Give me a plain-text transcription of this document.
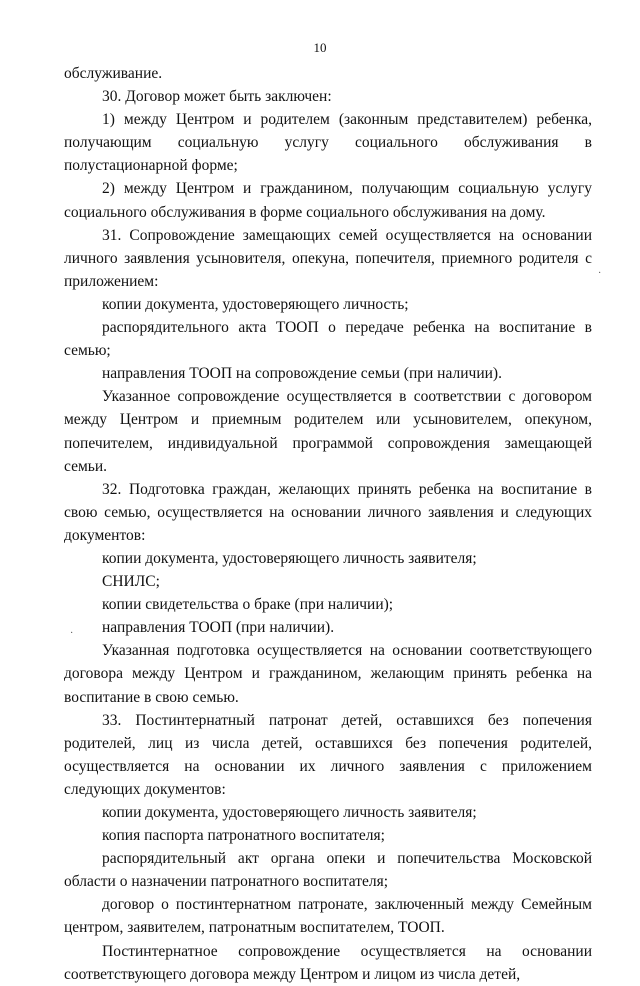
10

обслуживание.

30. Договор может быть заключен:

1) между Центром и родителем (законным представителем) ребенка, получающим социальную услугу социального обслуживания в полустационарной форме;

2) между Центром и гражданином, получающим социальную услугу социального обслуживания в форме социального обслуживания на дому.

31. Сопровождение замещающих семей осуществляется на основании личного заявления усыновителя, опекуна, попечителя, приемного родителя с приложением:

копии документа, удостоверяющего личность;

распорядительного акта ТООП о передаче ребенка на воспитание в семью;

направления ТООП на сопровождение семьи (при наличии).

Указанное сопровождение осуществляется в соответствии с договором между Центром и приемным родителем или усыновителем, опекуном, попечителем, индивидуальной программой сопровождения замещающей семьи.

32. Подготовка граждан, желающих принять ребенка на воспитание в свою семью, осуществляется на основании личного заявления и следующих документов:

копии документа, удостоверяющего личность заявителя;

СНИЛС;

копии свидетельства о браке (при наличии);

направления ТООП (при наличии).

Указанная подготовка осуществляется на основании соответствующего договора между Центром и гражданином, желающим принять ребенка на воспитание в свою семью.

33. Постинтернатный патронат детей, оставшихся без попечения родителей, лиц из числа детей, оставшихся без попечения родителей, осуществляется на основании их личного заявления с приложением следующих документов:

копии документа, удостоверяющего личность заявителя;

копия паспорта патронатного воспитателя;

распорядительный акт органа опеки и попечительства Московской области о назначении патронатного воспитателя;

договор о постинтернатном патронате, заключенный между Семейным центром, заявителем, патронатным воспитателем, ТООП.

Постинтернатное сопровождение осуществляется на основании соответствующего договора между Центром и лицом из числа детей,

·
·
